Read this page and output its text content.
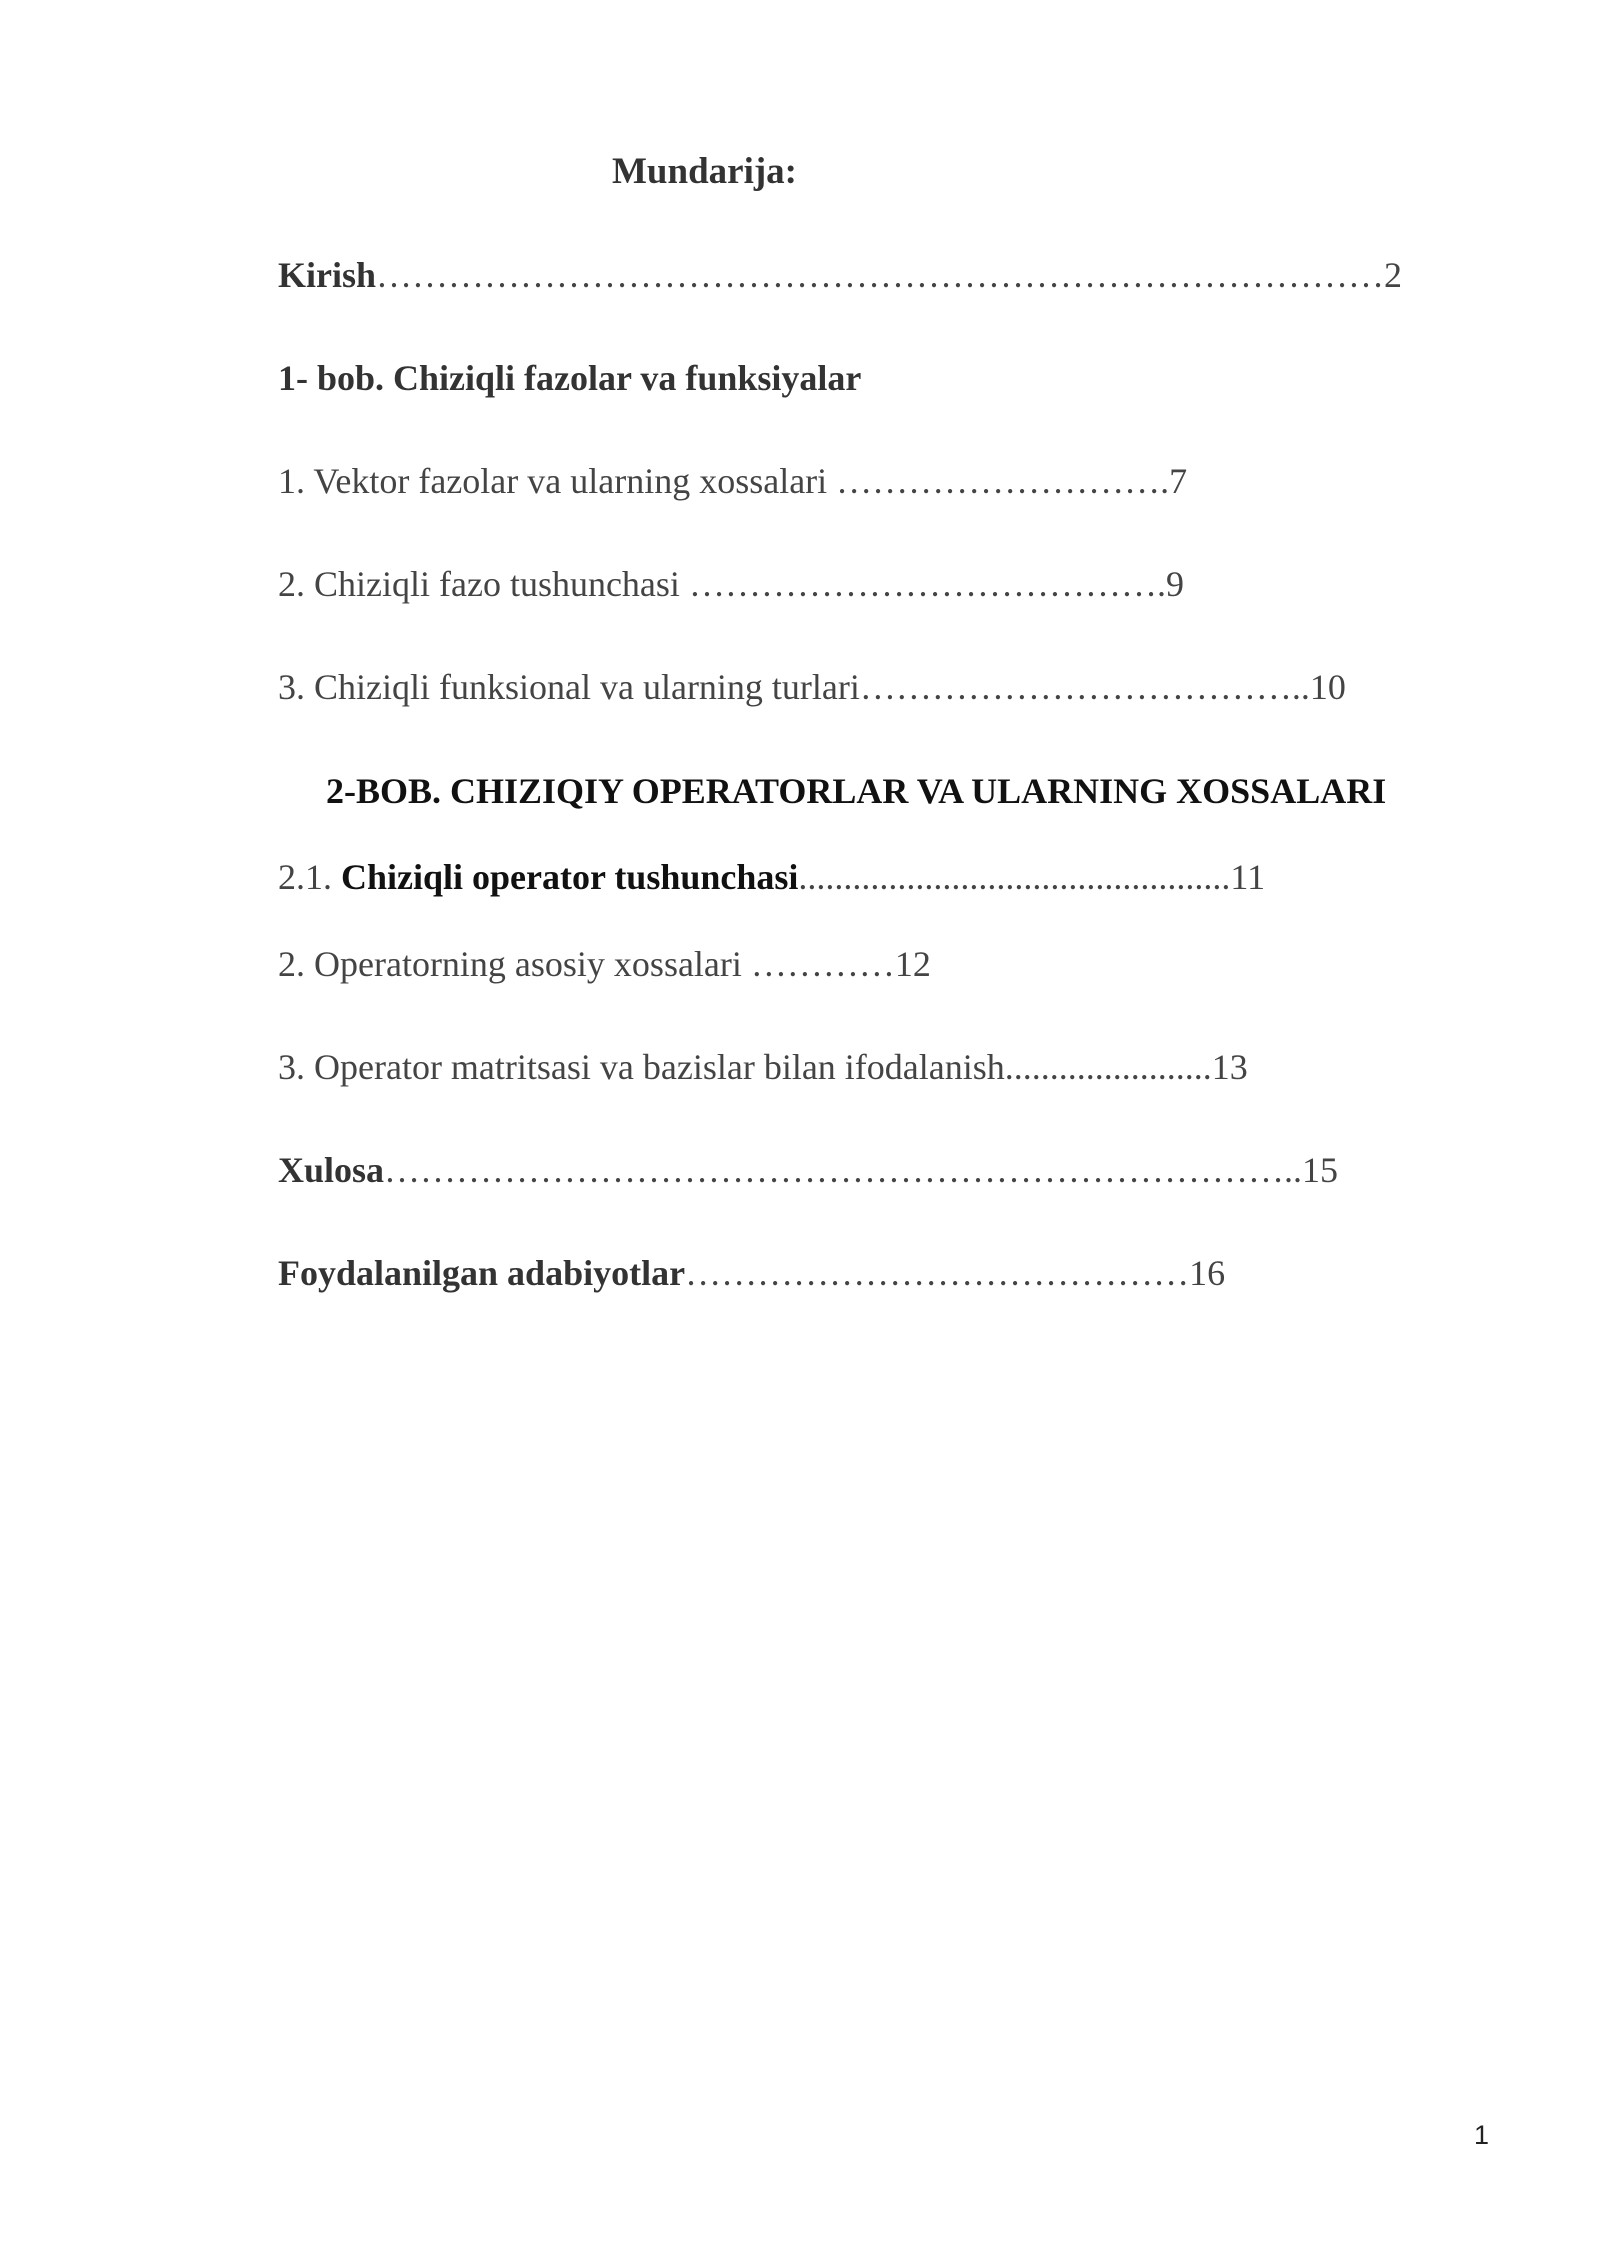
Mundarija:
Kirish…………………………………………………………………………2
1- bob. Chiziqli fazolar va funksiyalar
1. Vektor fazolar va ularning xossalari ……………………….7
2. Chiziqli fazo tushunchasi ………………………………….9
3. Chiziqli funksional va ularning turlari………………………………..10
2-BOB. CHIZIQIY OPERATORLAR VA ULARNING XOSSALARI
2.1. Chiziqli operator tushunchasi................................................11
2. Operatorning asosiy xossalari …………12
3. Operator matritsasi va bazislar bilan ifodalanish.......................13
Xulosa…………………………………………………………………..15
Foydalanilgan adabiyotlar……………………………………16
1
